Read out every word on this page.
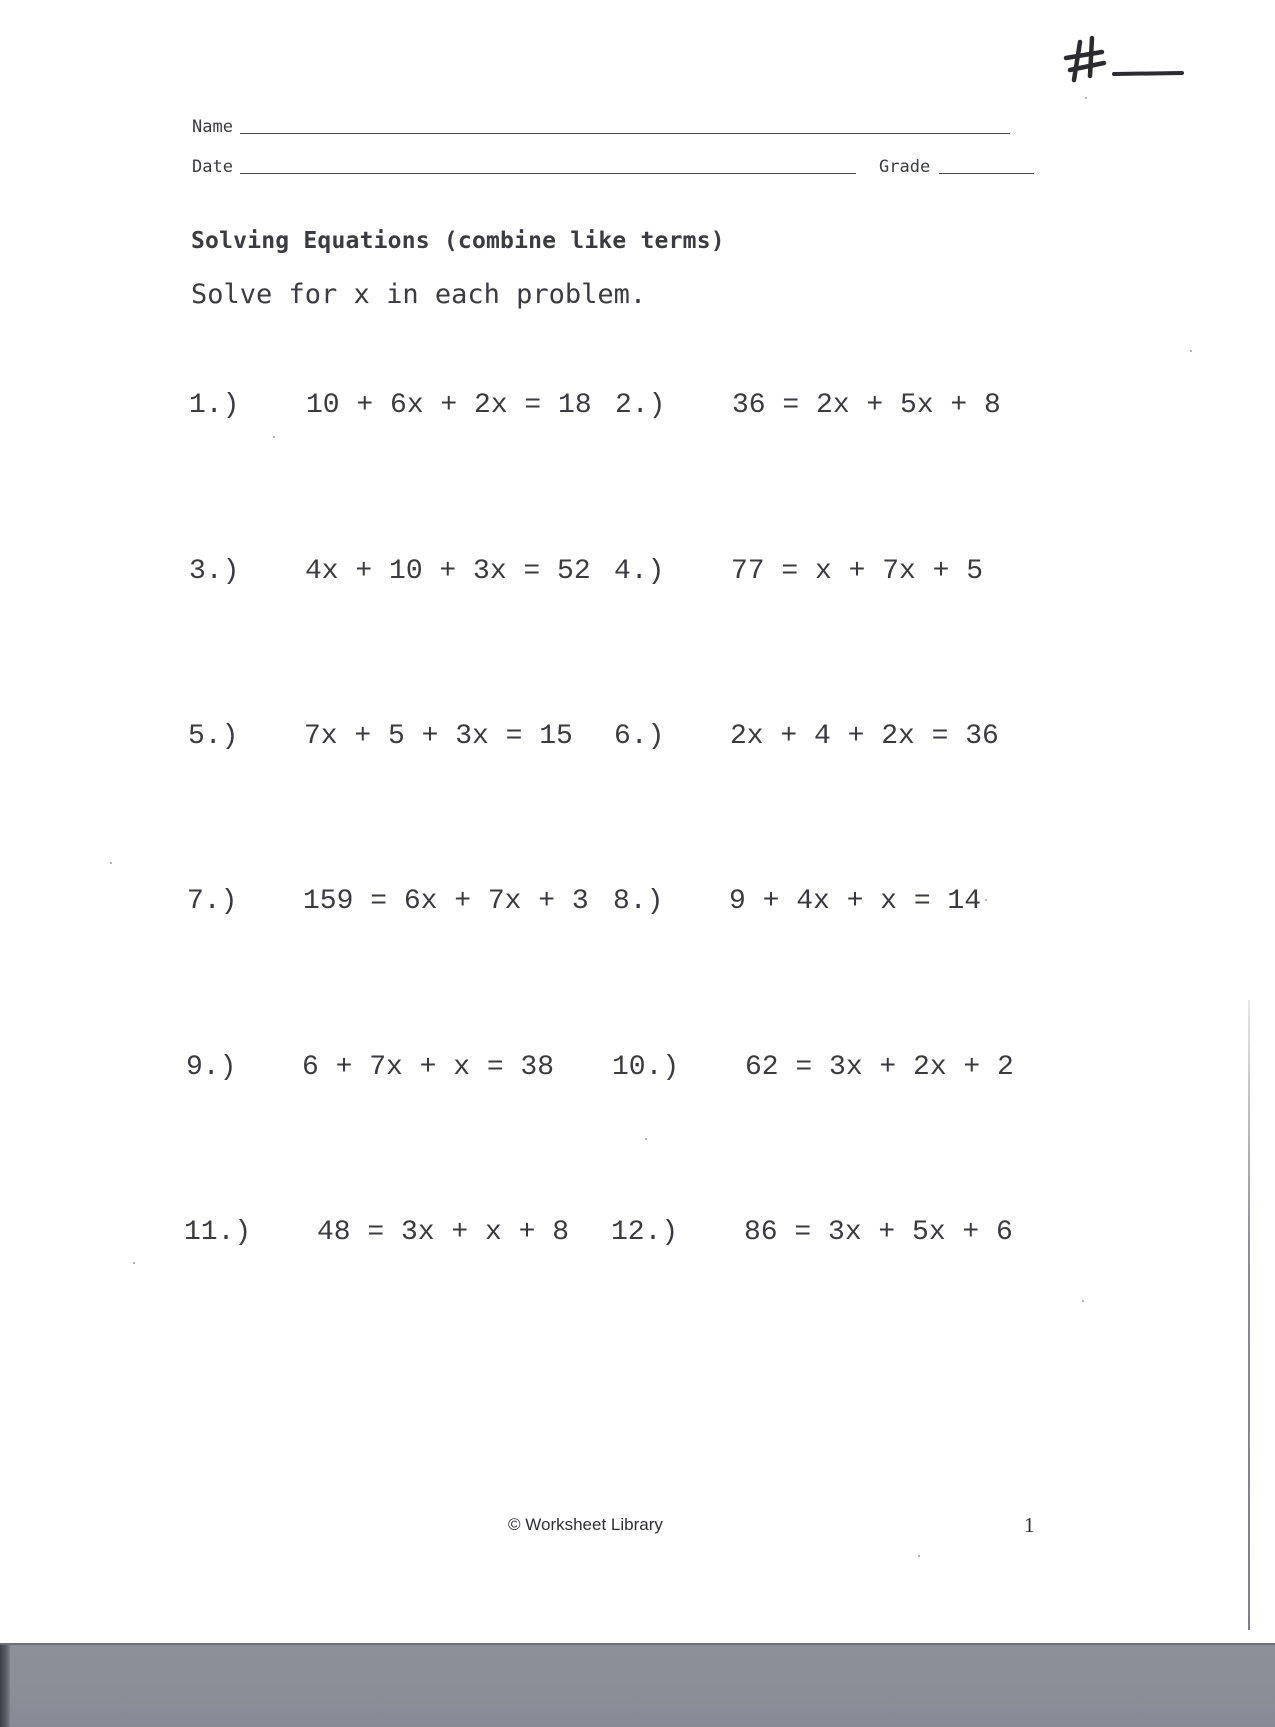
Name
Date	Grade
Solving Equations (combine like terms)
Solve for x in each problem.
1.) 10 + 6x + 2x = 18 2.) 36 = 2x + 5x + 8
3.) 4x + 10 + 3x = 52 4.) 77 = x + 7x + 5
5.) 7x + 5 + 3x = 15 6.) 2x + 4 + 2x = 36
7.) 159 = 6x + 7x + 3 8.) 9 + 4x + x = 14
9.) 6 + 7x + x = 38 10.) 62 = 3x + 2x + 2
11.) 48 = 3x + x + 8 12.) 86 = 3x + 5x + 6
© Worksheet Library	1
